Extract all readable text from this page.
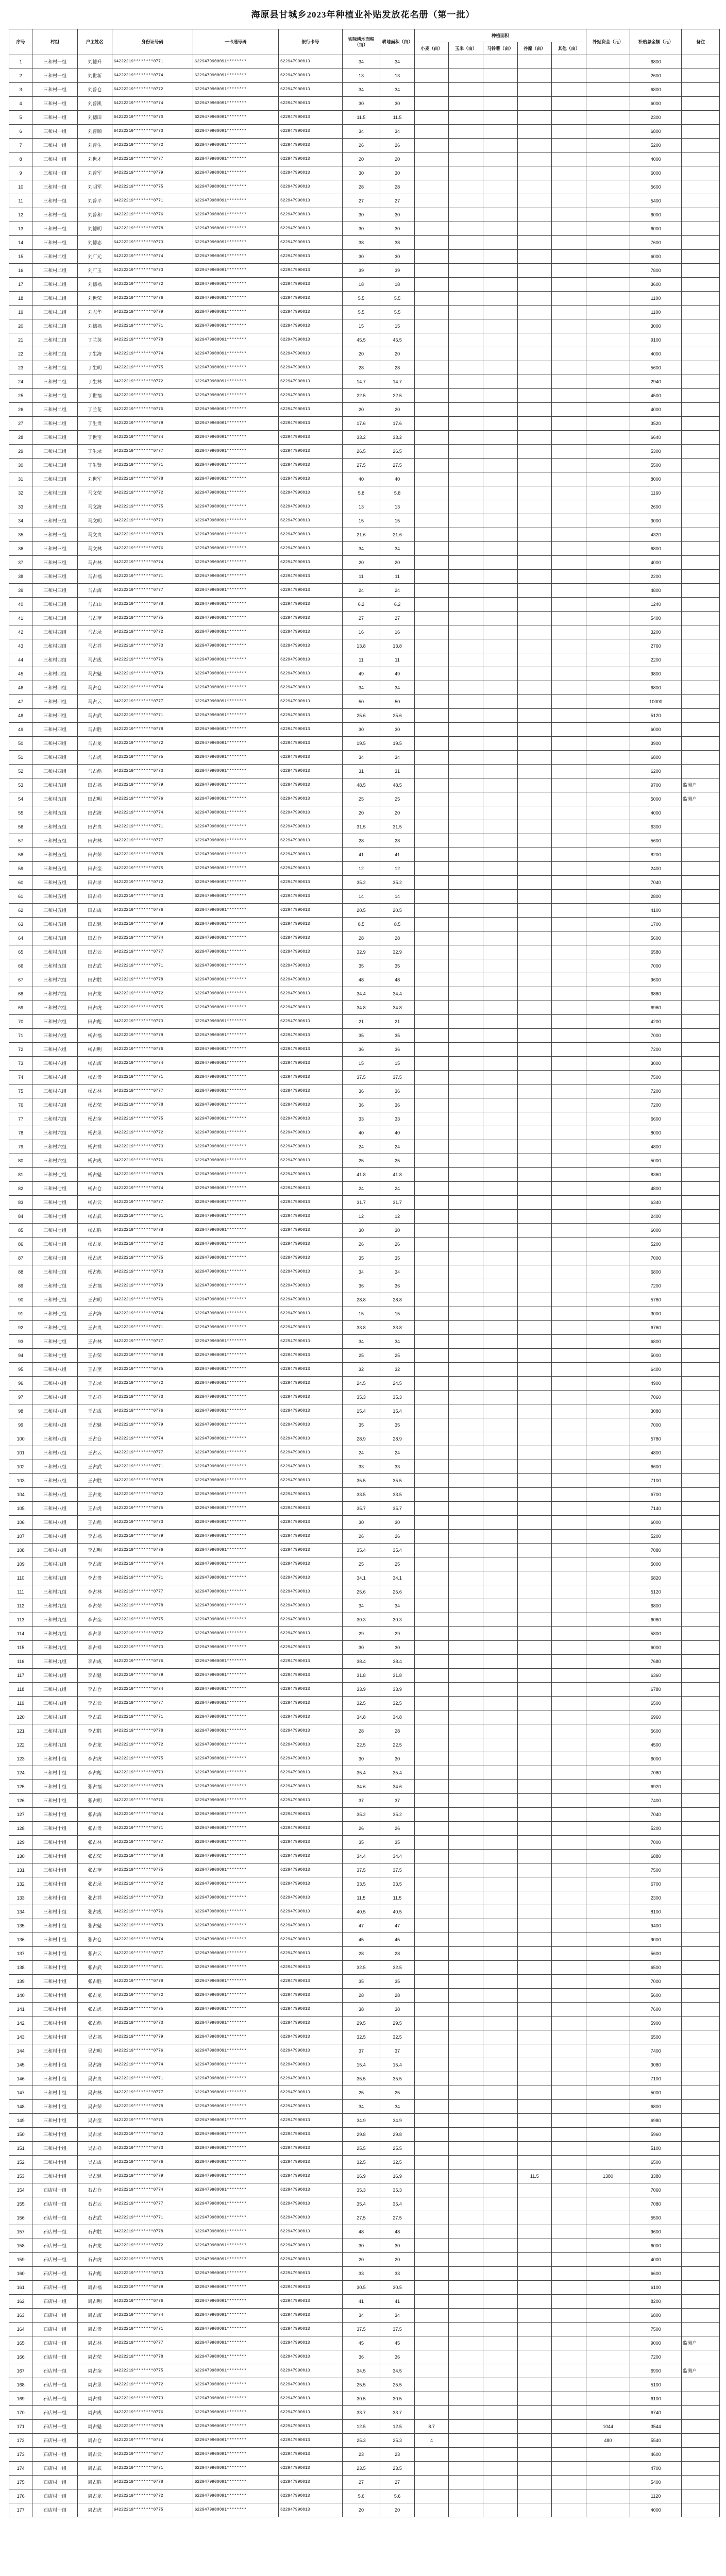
海原县甘城乡2023年种植业补贴发放花名册（第一批）
序号	村组	户主姓名	身份证号码	一卡通号码	银行卡号	实际耕地面积（亩）	耕地面积（亩）	种植面积					补贴资金（元）	补贴总金额（元）	备注
								小麦（亩）	玉米（亩）	马铃薯（亩）	谷糜（亩）	其他（亩）			
1	三和村一组	刘德升	64222219********0771	6229479900091********	622947990013	34	34							6800	
2	三和村一组	刘世新	64222219********0774	6229479900091********	622947990013	13	13							2600	
3	三和村一组	刘普仓	64222219********0772	6229479900091********	622947990013	34	34							6800	
4	三和村一组	刘普凯	64222219********0774	6229479900091********	622947990013	30	30							6000	
5	三和村一组	刘德田	64222219********0770	6229479900091********	622947990013	11.5	11.5							2300	
6	三和村一组	刘普顺	64222219********0773	6229479900091********	622947990013	34	34							6800	
7	三和村一组	刘普生	64222219********0772	6229479900091********	622947990013	26	26							5200	
8	三和村一组	刘世才	64222219********0777	6229479900091********	622947990013	20	20							4000	
9	三和村一组	刘普军	64222219********0779	6229479900091********	622947990013	30	30							6000	
10	三和村一组	刘明军	64222219********0775	6229479900091********	622947990013	28	28							5600	
11	三和村一组	刘普平	64222219********0771	6229479900091********	622947990013	27	27							5400	
12	三和村一组	刘普和	64222219********0776	6229479900091********	622947990013	30	30							6000	
13	三和村一组	刘德明	64222219********0778	6229479900091********	622947990013	30	30							6000	
14	三和村一组	刘德志	64222219********0773	6229479900091********	622947990013	38	38							7600	
15	三和村二组	刘广元	64222219********0774	6229479900091********	622947990013	30	30							6000	
16	三和村二组	刘广玉	64222219********0773	6229479900091********	622947990013	39	39							7800	
17	三和村二组	刘德福	64222219********0772	6229479900091********	622947990013	18	18							3600	
18	三和村二组	刘世荣	64222219********0776	6229479900091********	622947990013	5.5	5.5							1100	
19	三和村二组	刘志华	64222219********0779	6229479900091********	622947990013	5.5	5.5							1100	
20	三和村二组	刘德福	64222219********0771	6229479900091********	622947990013	15	15							3000	
21	三和村二组	丁兰英	64222219********0778	6229479900091********	622947990013	45.5	45.5							9100	
22	三和村二组	丁生海	64222219********0774	6229479900091********	622947990013	20	20							4000	
23	三和村二组	丁生明	64222219********0775	6229479900091********	622947990013	28	28							5600	
24	三和村二组	丁生林	64222219********0772	6229479900091********	622947990013	14.7	14.7							2940	
25	三和村二组	丁世福	64222219********0773	6229479900091********	622947990013	22.5	22.5							4500	
26	三和村二组	丁兰花	64222219********0776	6229479900091********	622947990013	20	20							4000	
27	三和村二组	丁生贵	64222219********0779	6229479900091********	622947990013	17.6	17.6							3520	
28	三和村三组	丁世宝	64222219********0774	6229479900091********	622947990013	33.2	33.2							6640	
29	三和村三组	丁生录	64222219********0777	6229479900091********	622947990013	26.5	26.5							5300	
30	三和村三组	丁生贤	64222219********0771	6229479900091********	622947990013	27.5	27.5							5500	
31	三和村三组	刘世军	64222219********0778	6229479900091********	622947990013	40	40							8000	
32	三和村三组	马文荣	64222219********0772	6229479900091********	622947990013	5.8	5.8							1160	
33	三和村三组	马文海	64222219********0775	6229479900091********	622947990013	13	13							2600	
34	三和村三组	马文明	64222219********0773	6229479900091********	622947990013	15	15							3000	
35	三和村三组	马文贵	64222219********0779	6229479900091********	622947990013	21.6	21.6							4320	
36	三和村三组	马文林	64222219********0776	6229479900091********	622947990013	34	34							6800	
37	三和村三组	马占林	64222219********0774	6229479900091********	622947990013	20	20							4000	
38	三和村三组	马占福	64222219********0771	6229479900091********	622947990013	11	11							2200	
39	三和村三组	马占海	64222219********0777	6229479900091********	622947990013	24	24							4800	
40	三和村三组	马占山	64222219********0778	6229479900091********	622947990013	6.2	6.2							1240	
41	三和村三组	马占奎	64222219********0775	6229479900091********	622947990013	27	27							5400	
42	三和村四组	马占录	64222219********0772	6229479900091********	622947990013	16	16							3200	
43	三和村四组	马占祥	64222219********0773	6229479900091********	622947990013	13.8	13.8							2760	
44	三和村四组	马占成	64222219********0776	6229479900091********	622947990013	11	11							2200	
45	三和村四组	马占魁	64222219********0779	6229479900091********	622947990013	49	49							9800	
46	三和村四组	马占仓	64222219********0774	6229479900091********	622947990013	34	34							6800	
47	三和村四组	马占云	64222219********0777	6229479900091********	622947990013	50	50							10000	
48	三和村四组	马占武	64222219********0771	6229479900091********	622947990013	25.6	25.6							5120	
49	三和村四组	马占胜	64222219********0778	6229479900091********	622947990013	30	30							6000	
50	三和村四组	马占龙	64222219********0772	6229479900091********	622947990013	19.5	19.5							3900	
51	三和村四组	马占虎	64222219********0775	6229479900091********	622947990013	34	34							6800	
52	三和村四组	马占彪	64222219********0773	6229479900091********	622947990013	31	31							6200	
53	三和村五组	田占福	64222219********0779	6229479900091********	622947990013	48.5	48.5							9700	监测户
54	三和村五组	田占明	64222219********0776	6229479900091********	622947990013	25	25							5000	监测户
55	三和村五组	田占海	64222219********0774	6229479900091********	622947990013	20	20							4000	
56	三和村五组	田占贵	64222219********0771	6229479900091********	622947990013	31.5	31.5							6300	
57	三和村五组	田占林	64222219********0777	6229479900091********	622947990013	28	28							5600	
58	三和村五组	田占荣	64222219********0778	6229479900091********	622947990013	41	41							8200	
59	三和村五组	田占奎	64222219********0775	6229479900091********	622947990013	12	12							2400	
60	三和村五组	田占录	64222219********0772	6229479900091********	622947990013	35.2	35.2							7040	
61	三和村五组	田占祥	64222219********0773	6229479900091********	622947990013	14	14							2800	
62	三和村五组	田占成	64222219********0776	6229479900091********	622947990013	20.5	20.5							4100	
63	三和村五组	田占魁	64222219********0779	6229479900091********	622947990013	8.5	8.5							1700	
64	三和村五组	田占仓	64222219********0774	6229479900091********	622947990013	28	28							5600	
65	三和村五组	田占云	64222219********0777	6229479900091********	622947990013	32.9	32.9							6580	
66	三和村五组	田占武	64222219********0771	6229479900091********	622947990013	35	35							7000	
67	三和村六组	田占胜	64222219********0778	6229479900091********	622947990013	48	48							9600	
68	三和村六组	田占龙	64222219********0772	6229479900091********	622947990013	34.4	34.4							6880	
69	三和村六组	田占虎	64222219********0775	6229479900091********	622947990013	34.8	34.8							6960	
70	三和村六组	田占彪	64222219********0773	6229479900091********	622947990013	21	21							4200	
71	三和村六组	杨占福	64222219********0779	6229479900091********	622947990013	35	35							7000	
72	三和村六组	杨占明	64222219********0776	6229479900091********	622947990013	36	36							7200	
73	三和村六组	杨占海	64222219********0774	6229479900091********	622947990013	15	15							3000	
74	三和村六组	杨占贵	64222219********0771	6229479900091********	622947990013	37.5	37.5							7500	
75	三和村六组	杨占林	64222219********0777	6229479900091********	622947990013	36	36							7200	
76	三和村六组	杨占荣	64222219********0778	6229479900091********	622947990013	36	36							7200	
77	三和村六组	杨占奎	64222219********0775	6229479900091********	622947990013	33	33							6600	
78	三和村六组	杨占录	64222219********0772	6229479900091********	622947990013	40	40							8000	
79	三和村六组	杨占祥	64222219********0773	6229479900091********	622947990013	24	24							4800	
80	三和村六组	杨占成	64222219********0776	6229479900091********	622947990013	25	25							5000	
81	三和村七组	杨占魁	64222219********0779	6229479900091********	622947990013	41.8	41.8							8360	
82	三和村七组	杨占仓	64222219********0774	6229479900091********	622947990013	24	24							4800	
83	三和村七组	杨占云	64222219********0777	6229479900091********	622947990013	31.7	31.7							6340	
84	三和村七组	杨占武	64222219********0771	6229479900091********	622947990013	12	12							2400	
85	三和村七组	杨占胜	64222219********0778	6229479900091********	622947990013	30	30							6000	
86	三和村七组	杨占龙	64222219********0772	6229479900091********	622947990013	26	26							5200	
87	三和村七组	杨占虎	64222219********0775	6229479900091********	622947990013	35	35							7000	
88	三和村七组	杨占彪	64222219********0773	6229479900091********	622947990013	34	34							6800	
89	三和村七组	王占福	64222219********0779	6229479900091********	622947990013	36	36							7200	
90	三和村七组	王占明	64222219********0776	6229479900091********	622947990013	28.8	28.8							5760	
91	三和村七组	王占海	64222219********0774	6229479900091********	622947990013	15	15							3000	
92	三和村七组	王占贵	64222219********0771	6229479900091********	622947990013	33.8	33.8							6760	
93	三和村七组	王占林	64222219********0777	6229479900091********	622947990013	34	34							6800	
94	三和村七组	王占荣	64222219********0778	6229479900091********	622947990013	25	25							5000	
95	三和村八组	王占奎	64222219********0775	6229479900091********	622947990013	32	32							6400	
96	三和村八组	王占录	64222219********0772	6229479900091********	622947990013	24.5	24.5							4900	
97	三和村八组	王占祥	64222219********0773	6229479900091********	622947990013	35.3	35.3							7060	
98	三和村八组	王占成	64222219********0776	6229479900091********	622947990013	15.4	15.4							3080	
99	三和村八组	王占魁	64222219********0779	6229479900091********	622947990013	35	35							7000	
100	三和村八组	王占仓	64222219********0774	6229479900091********	622947990013	28.9	28.9							5780	
101	三和村八组	王占云	64222219********0777	6229479900091********	622947990013	24	24							4800	
102	三和村八组	王占武	64222219********0771	6229479900091********	622947990013	33	33							6600	
103	三和村八组	王占胜	64222219********0778	6229479900091********	622947990013	35.5	35.5							7100	
104	三和村八组	王占龙	64222219********0772	6229479900091********	622947990013	33.5	33.5							6700	
105	三和村八组	王占虎	64222219********0775	6229479900091********	622947990013	35.7	35.7							7140	
106	三和村八组	王占彪	64222219********0773	6229479900091********	622947990013	30	30							6000	
107	三和村八组	李占福	64222219********0779	6229479900091********	622947990013	26	26							5200	
108	三和村八组	李占明	64222219********0776	6229479900091********	622947990013	35.4	35.4							7080	
109	三和村九组	李占海	64222219********0774	6229479900091********	622947990013	25	25							5000	
110	三和村九组	李占贵	64222219********0771	6229479900091********	622947990013	34.1	34.1							6820	
111	三和村九组	李占林	64222219********0777	6229479900091********	622947990013	25.6	25.6							5120	
112	三和村九组	李占荣	64222219********0778	6229479900091********	622947990013	34	34							6800	
113	三和村九组	李占奎	64222219********0775	6229479900091********	622947990013	30.3	30.3							6060	
114	三和村九组	李占录	64222219********0772	6229479900091********	622947990013	29	29							5800	
115	三和村九组	李占祥	64222219********0773	6229479900091********	622947990013	30	30							6000	
116	三和村九组	李占成	64222219********0776	6229479900091********	622947990013	38.4	38.4							7680	
117	三和村九组	李占魁	64222219********0779	6229479900091********	622947990013	31.8	31.8							6360	
118	三和村九组	李占仓	64222219********0774	6229479900091********	622947990013	33.9	33.9							6780	
119	三和村九组	李占云	64222219********0777	6229479900091********	622947990013	32.5	32.5							6500	
120	三和村九组	李占武	64222219********0771	6229479900091********	622947990013	34.8	34.8							6960	
121	三和村九组	李占胜	64222219********0778	6229479900091********	622947990013	28	28							5600	
122	三和村九组	李占龙	64222219********0772	6229479900091********	622947990013	22.5	22.5							4500	
123	三和村十组	李占虎	64222219********0775	6229479900091********	622947990013	30	30							6000	
124	三和村十组	李占彪	64222219********0773	6229479900091********	622947990013	35.4	35.4							7080	
125	三和村十组	张占福	64222219********0779	6229479900091********	622947990013	34.6	34.6							6920	
126	三和村十组	张占明	64222219********0776	6229479900091********	622947990013	37	37							7400	
127	三和村十组	张占海	64222219********0774	6229479900091********	622947990013	35.2	35.2							7040	
128	三和村十组	张占贵	64222219********0771	6229479900091********	622947990013	26	26							5200	
129	三和村十组	张占林	64222219********0777	6229479900091********	622947990013	35	35							7000	
130	三和村十组	张占荣	64222219********0778	6229479900091********	622947990013	34.4	34.4							6880	
131	三和村十组	张占奎	64222219********0775	6229479900091********	622947990013	37.5	37.5							7500	
132	三和村十组	张占录	64222219********0772	6229479900091********	622947990013	33.5	33.5							6700	
133	三和村十组	张占祥	64222219********0773	6229479900091********	622947990013	11.5	11.5							2300	
134	三和村十组	张占成	64222219********0776	6229479900091********	622947990013	40.5	40.5							8100	
135	三和村十组	张占魁	64222219********0779	6229479900091********	622947990013	47	47							9400	
136	三和村十组	张占仓	64222219********0774	6229479900091********	622947990013	45	45							9000	
137	三和村十组	张占云	64222219********0777	6229479900091********	622947990013	28	28							5600	
138	三和村十组	张占武	64222219********0771	6229479900091********	622947990013	32.5	32.5							6500	
139	三和村十组	张占胜	64222219********0778	6229479900091********	622947990013	35	35							7000	
140	三和村十组	张占龙	64222219********0772	6229479900091********	622947990013	28	28							5600	
141	三和村十组	张占虎	64222219********0775	6229479900091********	622947990013	38	38							7600	
142	三和村十组	张占彪	64222219********0773	6229479900091********	622947990013	29.5	29.5							5900	
143	三和村十组	吴占福	64222219********0779	6229479900091********	622947990013	32.5	32.5							6500	
144	三和村十组	吴占明	64222219********0776	6229479900091********	622947990013	37	37							7400	
145	三和村十组	吴占海	64222219********0774	6229479900091********	622947990013	15.4	15.4							3080	
146	三和村十组	吴占贵	64222219********0771	6229479900091********	622947990013	35.5	35.5							7100	
147	三和村十组	吴占林	64222219********0777	6229479900091********	622947990013	25	25							5000	
148	三和村十组	吴占荣	64222219********0778	6229479900091********	622947990013	34	34							6800	
149	三和村十组	吴占奎	64222219********0775	6229479900091********	622947990013	34.9	34.9							6980	
150	三和村十组	吴占录	64222219********0772	6229479900091********	622947990013	29.8	29.8							5960	
151	三和村十组	吴占祥	64222219********0773	6229479900091********	622947990013	25.5	25.5							5100	
152	三和村十组	吴占成	64222219********0776	6229479900091********	622947990013	32.5	32.5							6500	
153	三和村十组	吴占魁	64222219********0779	6229479900091********	622947990013	16.9	16.9				11.5		1380	3380	
154	石店村一组	石占仓	64222219********0774	6229479900091********	622947990013	35.3	35.3							7060	
155	石店村一组	石占云	64222219********0777	6229479900091********	622947990013	35.4	35.4							7080	
156	石店村一组	石占武	64222219********0771	6229479900091********	622947990013	27.5	27.5							5500	
157	石店村一组	石占胜	64222219********0778	6229479900091********	622947990013	48	48							9600	
158	石店村一组	石占龙	64222219********0772	6229479900091********	622947990013	30	30							6000	
159	石店村一组	石占虎	64222219********0775	6229479900091********	622947990013	20	20							4000	
160	石店村一组	石占彪	64222219********0773	6229479900091********	622947990013	33	33							6600	
161	石店村一组	周占福	64222219********0779	6229479900091********	622947990013	30.5	30.5							6100	
162	石店村一组	周占明	64222219********0776	6229479900091********	622947990013	41	41							8200	
163	石店村一组	周占海	64222219********0774	6229479900091********	622947990013	34	34							6800	
164	石店村一组	周占贵	64222219********0771	6229479900091********	622947990013	37.5	37.5							7500	
165	石店村一组	周占林	64222219********0777	6229479900091********	622947990013	45	45							9000	监测户
166	石店村一组	周占荣	64222219********0778	6229479900091********	622947990013	36	36							7200	
167	石店村一组	周占奎	64222219********0775	6229479900091********	622947990013	34.5	34.5							6900	监测户
168	石店村一组	周占录	64222219********0772	6229479900091********	622947990013	25.5	25.5							5100	
169	石店村一组	周占祥	64222219********0773	6229479900091********	622947990013	30.5	30.5							6100	
170	石店村一组	周占成	64222219********0776	6229479900091********	622947990013	33.7	33.7							6740	
171	石店村一组	周占魁	64222219********0779	6229479900091********	622947990013	12.5	12.5	8.7					1044	3544	
172	石店村一组	周占仓	64222219********0774	6229479900091********	622947990013	25.3	25.3	4					480	5540	
173	石店村一组	周占云	64222219********0777	6229479900091********	622947990013	23	23							4600	
174	石店村一组	周占武	64222219********0771	6229479900091********	622947990013	23.5	23.5							4700	
175	石店村一组	周占胜	64222219********0778	6229479900091********	622947990013	27	27							5400	
176	石店村一组	周占龙	64222219********0772	6229479900091********	622947990013	5.6	5.6							1120	
177	石店村一组	周占虎	64222219********0775	6229479900091********	622947990013	20	20							4000	
